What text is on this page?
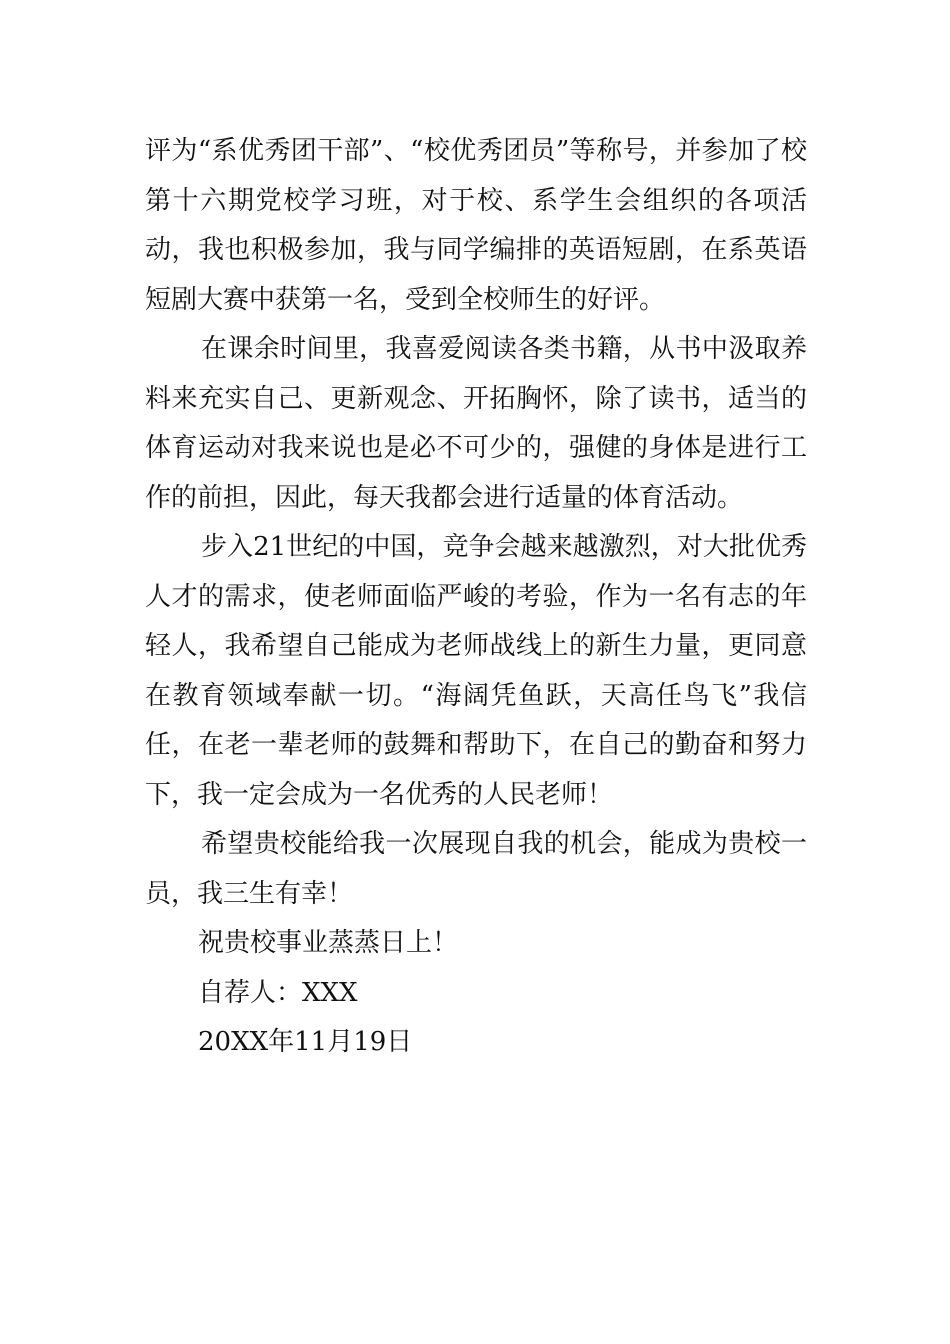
评为“系优秀团干部”、“校优秀团员”等称号，并参加了校第十六期党校学习班，对于校、系学生会组织的各项活动，我也积极参加，我与同学编排的英语短剧，在系英语短剧大赛中获第一名，受到全校师生的好评。

在课余时间里，我喜爱阅读各类书籍，从书中汲取养料来充实自己、更新观念、开拓胸怀，除了读书，适当的体育运动对我来说也是必不可少的，强健的身体是进行工作的前担，因此，每天我都会进行适量的体育活动。

步入21世纪的中国，竞争会越来越激烈，对大批优秀人才的需求，使老师面临严峻的考验，作为一名有志的年轻人，我希望自己能成为老师战线上的新生力量，更同意在教育领域奉献一切。“海阔凭鱼跃，天高任鸟飞”我信任，在老一辈老师的鼓舞和帮助下，在自己的勤奋和努力下，我一定会成为一名优秀的人民老师！

希望贵校能给我一次展现自我的机会，能成为贵校一员，我三生有幸！

祝贵校事业蒸蒸日上！

自荐人：XXX

20XX年11月19日
